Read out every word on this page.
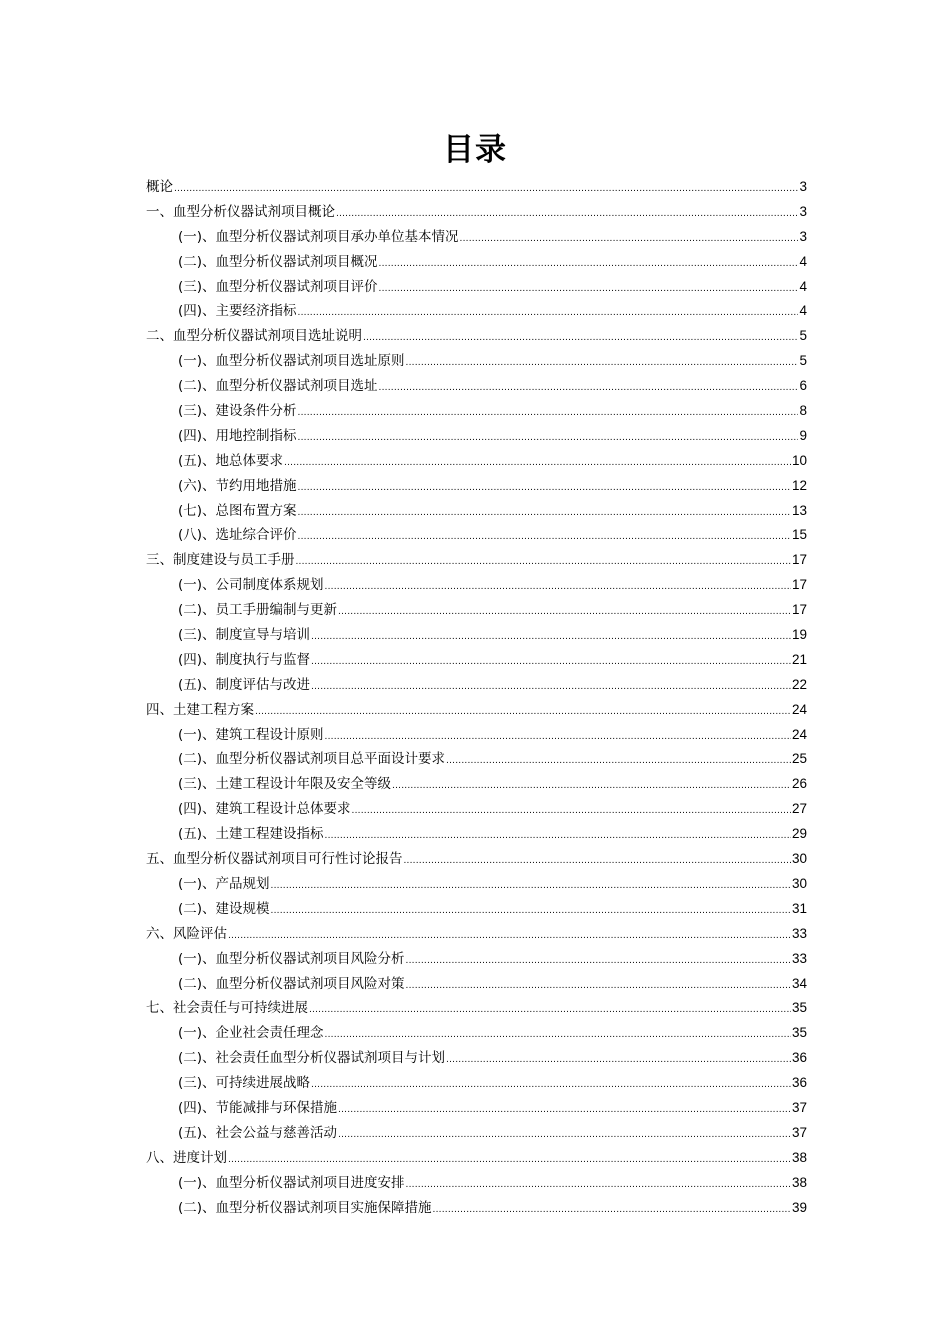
目录
概论 .....	3
一、血型分析仪器试剂项目概论 .....	3
(一)、血型分析仪器试剂项目承办单位基本情况 .....	3
(二)、血型分析仪器试剂项目概况 .....	4
(三)、血型分析仪器试剂项目评价 .....	4
(四)、主要经济指标 .....	4
二、血型分析仪器试剂项目选址说明 .....	5
(一)、血型分析仪器试剂项目选址原则 .....	5
(二)、血型分析仪器试剂项目选址 .....	6
(三)、建设条件分析 .....	8
(四)、用地控制指标 .....	9
(五)、地总体要求 .....	10
(六)、节约用地措施 .....	12
(七)、总图布置方案 .....	13
(八)、选址综合评价 .....	15
三、制度建设与员工手册 .....	17
(一)、公司制度体系规划 .....	17
(二)、员工手册编制与更新 .....	17
(三)、制度宣导与培训 .....	19
(四)、制度执行与监督 .....	21
(五)、制度评估与改进 .....	22
四、土建工程方案 .....	24
(一)、建筑工程设计原则 .....	24
(二)、血型分析仪器试剂项目总平面设计要求 .....	25
(三)、土建工程设计年限及安全等级 .....	26
(四)、建筑工程设计总体要求 .....	27
(五)、土建工程建设指标 .....	29
五、血型分析仪器试剂项目可行性讨论报告 .....	30
(一)、产品规划 .....	30
(二)、建设规模 .....	31
六、风险评估 .....	33
(一)、血型分析仪器试剂项目风险分析 .....	33
(二)、血型分析仪器试剂项目风险对策 .....	34
七、社会责任与可持续进展 .....	35
(一)、企业社会责任理念 .....	35
(二)、社会责任血型分析仪器试剂项目与计划 .....	36
(三)、可持续进展战略 .....	36
(四)、节能减排与环保措施 .....	37
(五)、社会公益与慈善活动 .....	37
八、进度计划 .....	38
(一)、血型分析仪器试剂项目进度安排 .....	38
(二)、血型分析仪器试剂项目实施保障措施 .....	39
